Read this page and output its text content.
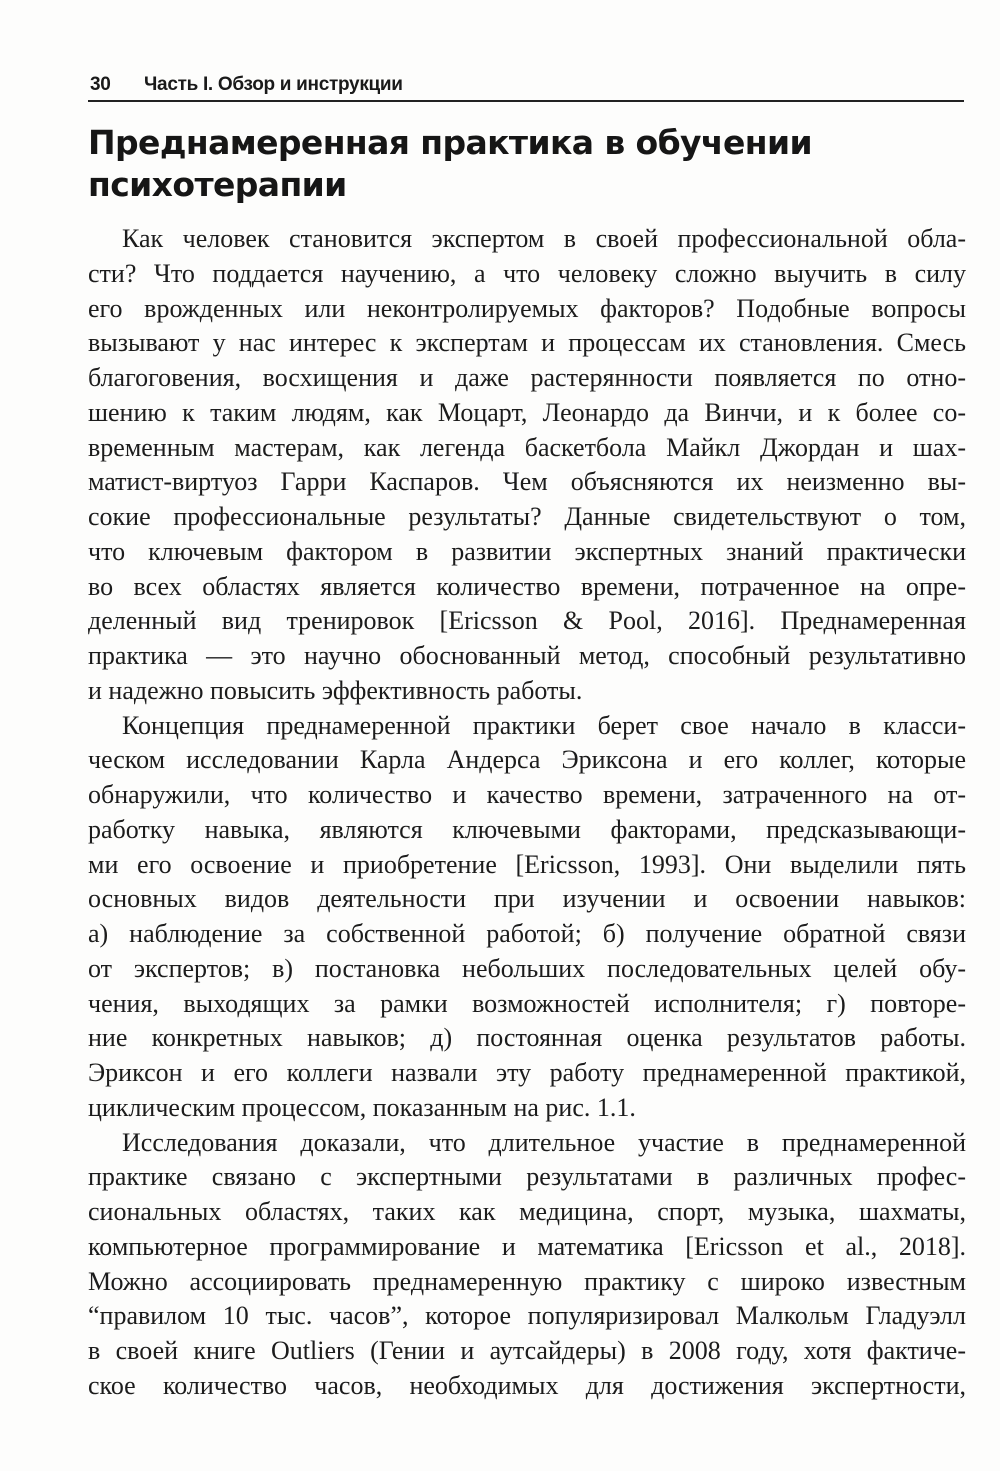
30 Часть I. Обзор и инструкции
Преднамеренная практика в обучении
психотерапии
Как человек становится экспертом в своей профессиональной обла-
сти? Что поддается научению, а что человеку сложно выучить в силу
его врожденных или неконтролируемых факторов? Подобные вопросы
вызывают у нас интерес к экспертам и процессам их становления. Смесь
благоговения, восхищения и даже растерянности появляется по отно-
шению к таким людям, как Моцарт, Леонардо да Винчи, и к более со-
временным мастерам, как легенда баскетбола Майкл Джордан и шах-
матист-виртуоз Гарри Каспаров. Чем объясняются их неизменно вы-
сокие профессиональные результаты? Данные свидетельствуют о том,
что ключевым фактором в развитии экспертных знаний практически
во всех областях является количество времени, потраченное на опре-
деленный вид тренировок [Ericsson & Pool, 2016]. Преднамеренная
практика — это научно обоснованный метод, способный результативно
и надежно повысить эффективность работы.
Концепция преднамеренной практики берет свое начало в класси-
ческом исследовании Карла Андерса Эриксона и его коллег, которые
обнаружили, что количество и качество времени, затраченного на от-
работку навыка, являются ключевыми факторами, предсказывающи-
ми его освоение и приобретение [Ericsson, 1993]. Они выделили пять
основных видов деятельности при изучении и освоении навыков:
а) наблюдение за собственной работой; б) получение обратной связи
от экспертов; в) постановка небольших последовательных целей обу-
чения, выходящих за рамки возможностей исполнителя; г) повторе-
ние конкретных навыков; д) постоянная оценка результатов работы.
Эриксон и его коллеги назвали эту работу преднамеренной практикой,
циклическим процессом, показанным на рис. 1.1.
Исследования доказали, что длительное участие в преднамеренной
практике связано с экспертными результатами в различных профес-
сиональных областях, таких как медицина, спорт, музыка, шахматы,
компьютерное программирование и математика [Ericsson et al., 2018].
Можно ассоциировать преднамеренную практику с широко известным
“правилом 10 тыс. часов”, которое популяризировал Малкольм Гладуэлл
в своей книге Outliers (Гении и аутсайдеры) в 2008 году, хотя фактиче-
ское количество часов, необходимых для достижения экспертности,
